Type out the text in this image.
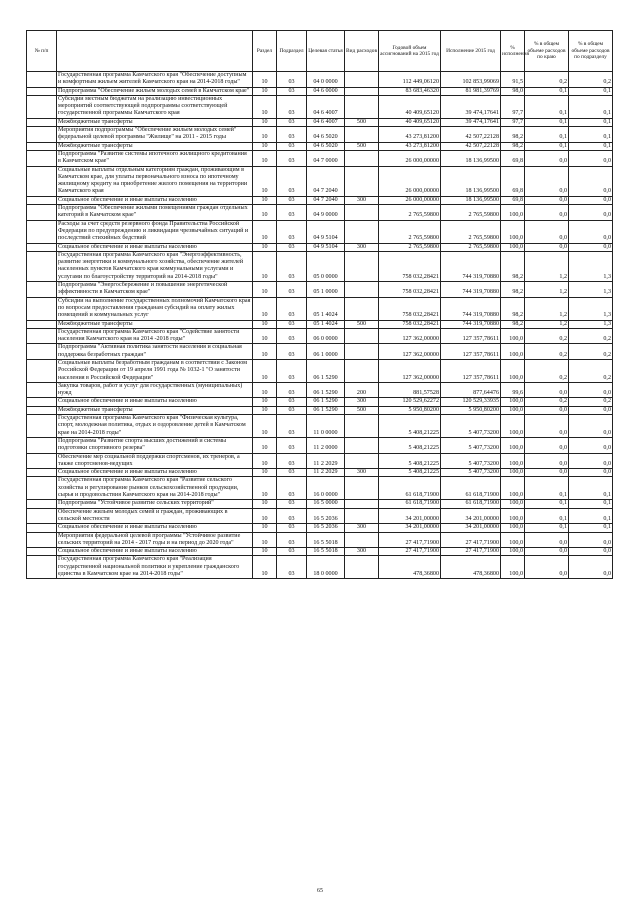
№ п/п		Раздел	Подраздел	Целевая статья	Вид расходов	Годовой объем ассигнований на 2015 год	Исполнение 2015 год	% исполнения	% в общем объеме расходов по краю	% в общем объеме расходов по подразделу
	Государственная программа Камчатского края "Обеспечение доступным и комфортным жильем жителей Камчатского края на 2014-2018 годы"	10	03	04 0 0000		112 449,06120	102 853,99069	91,5	0,2	0,2
	Подпрограмма "Обеспечение жильем молодых семей в Камчатском крае"	10	03	04 6 0000		83 683,46320	81 981,39769	98,0	0,1	0,1
	Субсидии местным бюджетам на реализацию инвестиционных мероприятий соответствующей подпрограммы соответствующей государственной программы Камчатского края	10	03	04 6 4007		40 409,65120	39 474,17641	97,7	0,1	0,1
	Межбюджетные трансферты	10	03	04 6 4007	500	40 409,65120	39 474,17641	97,7	0,1	0,1
	Мероприятия подпрограммы "Обеспечение жильем молодых семей" федеральной целевой программы "Жилище" на 2011 - 2015 годы	10	03	04 6 5020		43 273,81200	42 507,22128	98,2	0,1	0,1
	Межбюджетные трансферты	10	03	04 6 5020	500	43 273,81200	42 507,22128	98,2	0,1	0,1
	Подпрограмма "Развитие системы ипотечного жилищного кредитования в Камчатском крае"	10	03	04 7 0000		26 000,00000	18 136,99500	69,8	0,0	0,0
	Социальные выплаты отдельным категориям граждан, проживающим в Камчатском крае, для уплаты первоначального взноса по ипотечному жилищному кредиту на приобретение жилого помещения на территории Камчатского края	10	03	04 7 2040		26 000,00000	18 136,99500	69,8	0,0	0,0
	Социальное обеспечение и иные выплаты населению	10	03	04 7 2040	300	26 000,00000	18 136,99500	69,8	0,0	0,0
	Подпрограмма "Обеспечение жилыми помещениями граждан отдельных категорий в Камчатском крае"	10	03	04 9 0000		2 765,59800	2 765,59800	100,0	0,0	0,0
	Расходы за счет средств резервного фонда Правительства Российской Федерации по предупреждению и ликвидации чрезвычайных ситуаций и последствий стихийных бедствий	10	03	04 9 5104		2 765,59800	2 765,59800	100,0	0,0	0,0
	Социальное обеспечение и иные выплаты населению	10	03	04 9 5104	300	2 765,59800	2 765,59800	100,0	0,0	0,0
	Государственная программа Камчатского края "Энергоэффективность, развитие энергетики и коммунального хозяйства, обеспечение жителей населенных пунктов Камчатского края коммунальными услугами и услугами по благоустройству территорий на 2014-2018 годы"	10	03	05 0 0000		758 032,28421	744 319,70880	98,2	1,2	1,3
	Подпрограмма "Энергосбережение и повышение энергетической эффективности в Камчатском крае"	10	03	05 1 0000		758 032,28421	744 319,70880	98,2	1,2	1,3
	Субсидии на выполнение государственных полномочий Камчатского края по вопросам предоставления гражданам субсидий на оплату жилых помещений и коммунальных услуг	10	03	05 1 4024		758 032,28421	744 319,70880	98,2	1,2	1,3
	Межбюджетные трансферты	10	03	05 1 4024	500	758 032,28421	744 319,70880	98,2	1,2	1,3
	Государственная программа Камчатского края "Содействие занятости населения Камчатского края на 2014 -2018 годы"	10	03	06 0 0000		127 362,00000	127 357,78611	100,0	0,2	0,2
	Подпрограмма "Активная политика занятости населения и социальная поддержка безработных граждан"	10	03	06 1 0000		127 362,00000	127 357,78611	100,0	0,2	0,2
	Социальные выплаты безработным гражданам в соответствии с Законом Российской Федерации от 19 апреля 1991 года № 1032-1 "О занятости населения в Российской Федерации"	10	03	06 1 5290		127 362,00000	127 357,78611	100,0	0,2	0,2
	Закупка товаров, работ и услуг для государственных (муниципальных) нужд	10	03	06 1 5290	200	881,57528	877,64476	99,6	0,0	0,0
	Социальное обеспечение и иные выплаты населению	10	03	06 1 5290	300	120 529,62272	120 529,33935	100,0	0,2	0,2
	Межбюджетные трансферты	10	03	06 1 5290	500	5 950,80200	5 950,80200	100,0	0,0	0,0
	Государственная программа Камчатского края "Физическая культура, спорт, молодежная политика, отдых и оздоровление детей в Камчатском крае на 2014-2018 годы"	10	03	11 0 0000		5 408,21225	5 407,73200	100,0	0,0	0,0
	Подпрограмма "Развитие спорта высших достижений и системы подготовки спортивного резерва"	10	03	11 2 0000		5 408,21225	5 407,73200	100,0	0,0	0,0
	Обеспечение мер социальной поддержки спортсменов, их тренеров, а также спортсменов-ведущих	10	03	11 2 2029		5 408,21225	5 407,73200	100,0	0,0	0,0
	Социальное обеспечение и иные выплаты населению	10	03	11 2 2029	300	5 408,21225	5 407,73200	100,0	0,0	0,0
	Государственная программа Камчатского края "Развитие сельского хозяйства и регулирование рынков сельскохозяйственной продукции, сырья и продовольствия Камчатского края на 2014-2018 годы"	10	03	16 0 0000		61 618,71900	61 618,71900	100,0	0,1	0,1
	Подпрограмма "Устойчивое развитие сельских территорий"	10	03	16 5 0000		61 618,71900	61 618,71900	100,0	0,1	0,1
	Обеспечение жильем молодых семей и граждан, проживающих в сельской местности	10	03	16 5 2036		34 201,00000	34 201,00000	100,0	0,1	0,1
	Социальное обеспечение и иные выплаты населению	10	03	16 5 2036	300	34 201,00000	34 201,00000	100,0	0,1	0,1
	Мероприятия федеральной целевой программы "Устойчивое развитие сельских территорий на 2014 - 2017 годы и на период до 2020 года"	10	03	16 5 5018		27 417,71900	27 417,71900	100,0	0,0	0,0
	Социальное обеспечение и иные выплаты населению	10	03	16 5 5018	300	27 417,71900	27 417,71900	100,0	0,0	0,0
	Государственная программа Камчатского края "Реализация государственной национальной политики и укрепление гражданского единства в Камчатском крае на 2014-2018 годы"	10	03	18 0 0000		478,36800	478,36800	100,0	0,0	0,0
65
